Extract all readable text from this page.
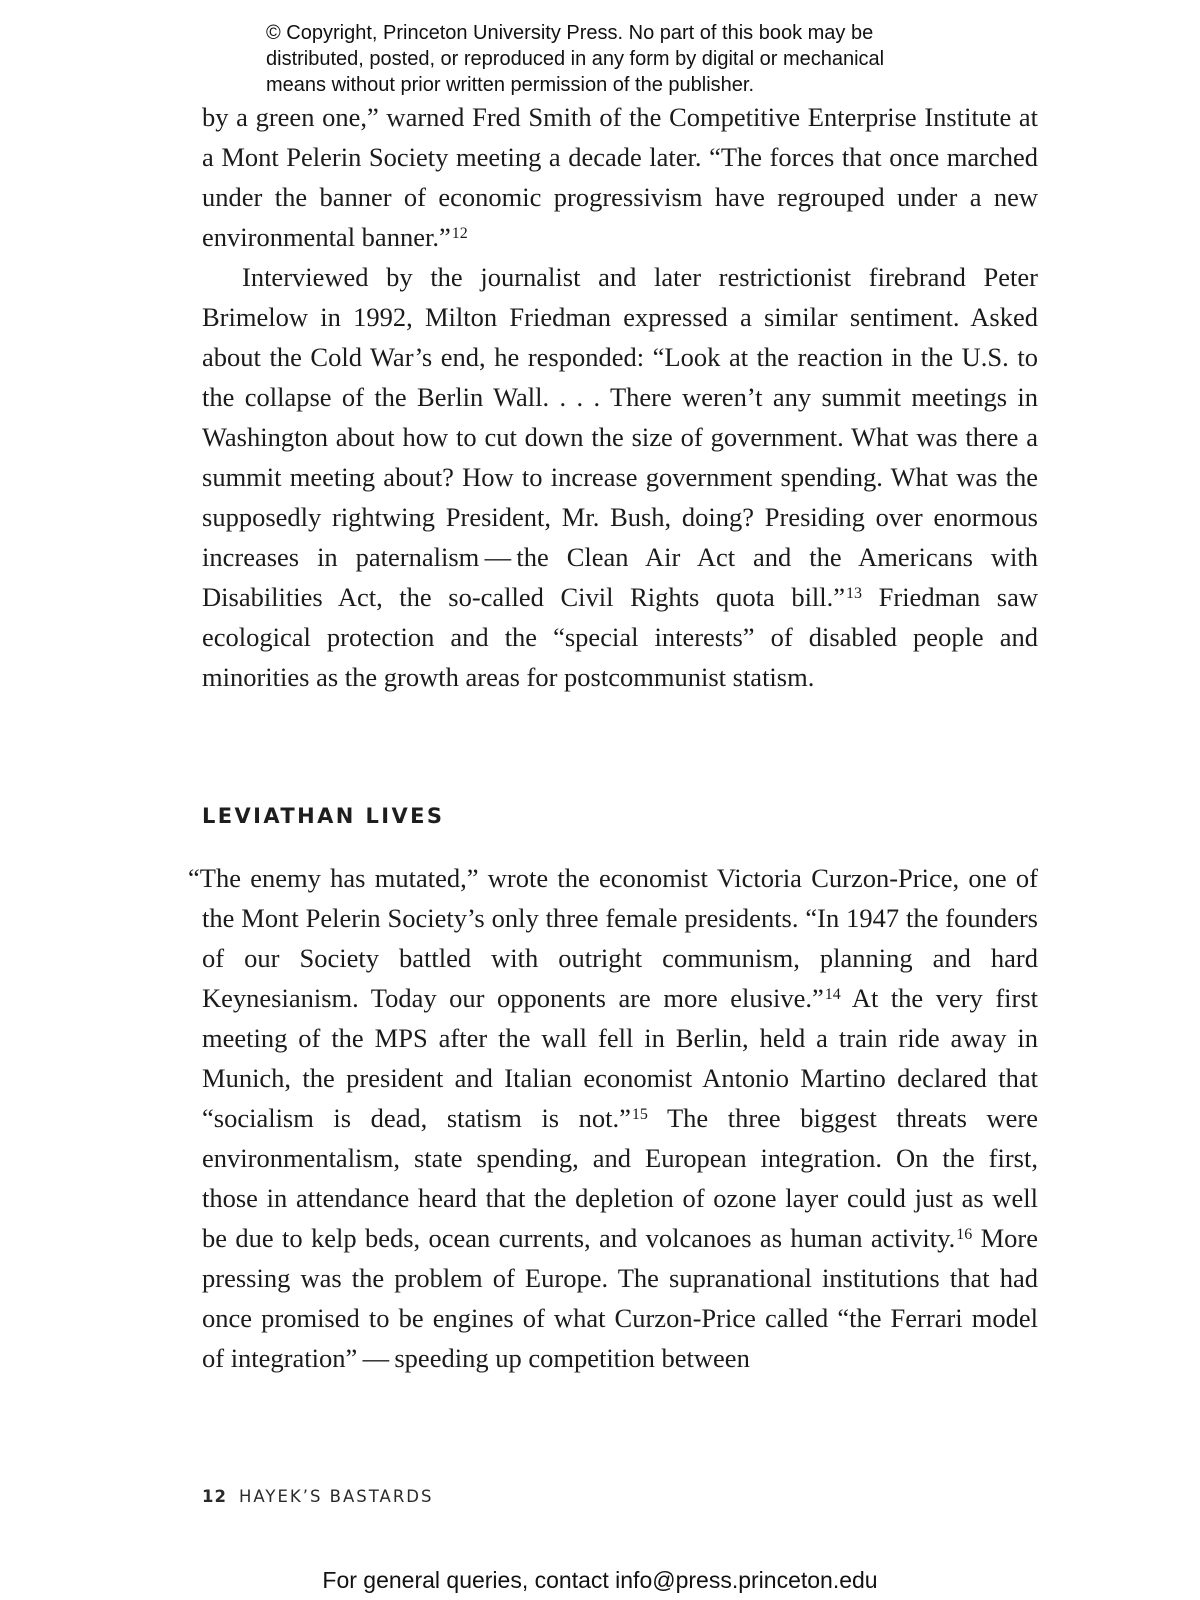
© Copyright, Princeton University Press. No part of this book may be
distributed, posted, or reproduced in any form by digital or mechanical
means without prior written permission of the publisher.

by a green one,” warned Fred Smith of the Competitive Enterprise Institute at a Mont Pelerin Society meeting a decade later. “The forces that once marched under the banner of economic progressivism have regrouped under a new environmental banner.”$^{12}$

Interviewed by the journalist and later restrictionist firebrand Peter Brimelow in 1992, Milton Friedman expressed a similar sentiment. Asked about the Cold War’s end, he responded: “Look at the reaction in the U.S. to the collapse of the Berlin Wall. . . . There weren’t any summit meetings in Washington about how to cut down the size of government. What was there a summit meeting about? How to increase government spending. What was the supposedly rightwing President, Mr. Bush, doing? Presiding over enormous increases in paternalism — the Clean Air Act and the Americans with Disabilities Act, the so-called Civil Rights quota bill.”$^{13}$ Friedman saw ecological protection and the “special interests” of disabled people and minorities as the growth areas for postcommunist statism.

LEVIATHAN LIVES

“The enemy has mutated,” wrote the economist Victoria Curzon-Price, one of the Mont Pelerin Society’s only three female presidents. “In 1947 the founders of our Society battled with outright communism, planning and hard Keynesianism. Today our opponents are more elusive.”$^{14}$ At the very first meeting of the MPS after the wall fell in Berlin, held a train ride away in Munich, the president and Italian economist Antonio Martino declared that “socialism is dead, statism is not.”$^{15}$ The three biggest threats were environmentalism, state spending, and European integration. On the first, those in attendance heard that the depletion of ozone layer could just as well be due to kelp beds, ocean currents, and volcanoes as human activity.$^{16}$ More pressing was the problem of Europe. The supranational institutions that had once promised to be engines of what Curzon-Price called “the Ferrari model of integration” — speeding up competition between

12 HAYEK’S BASTARDS
For general queries, contact info@press.princeton.edu
